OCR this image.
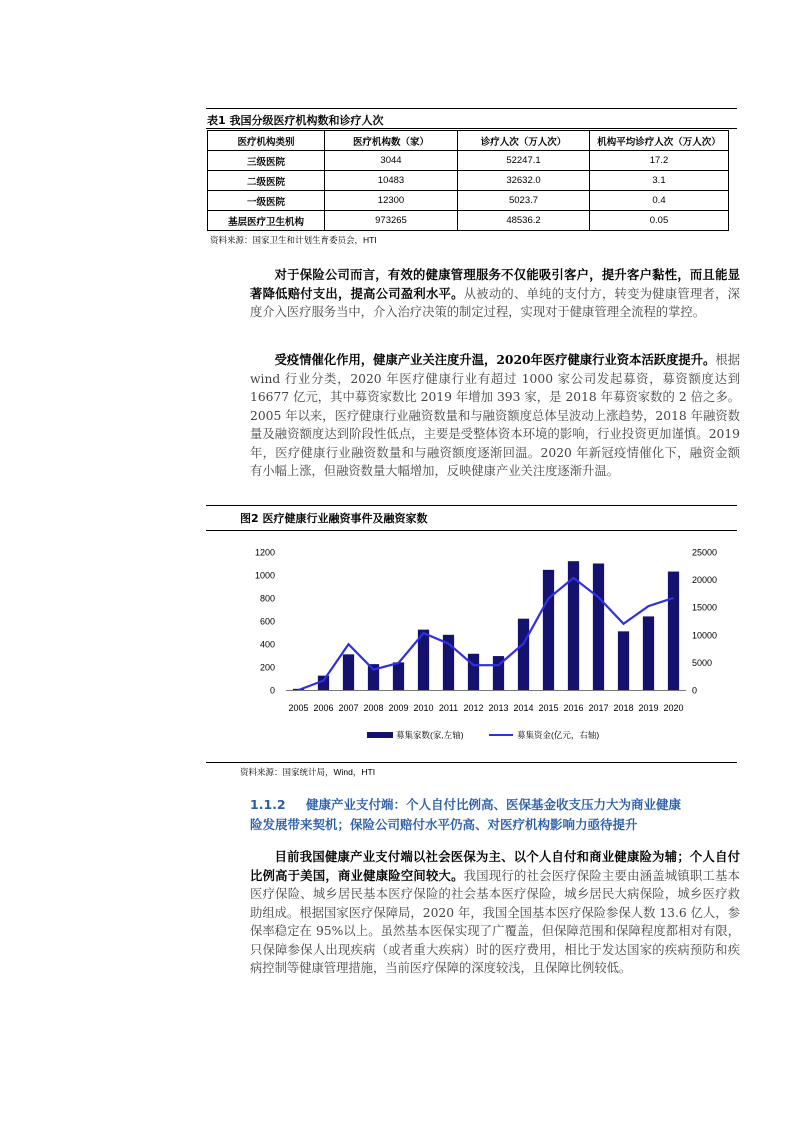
表1 我国分级医疗机构数和诊疗人次
医疗机构类别	医疗机构数（家）	诊疗人次（万人次）	机构平均诊疗人次（万人次）
三级医院	3044	52247.1	17.2
二级医院	10483	32632.0	3.1
一级医院	12300	5023.7	0.4
基层医疗卫生机构	973265	48536.2	0.05
资料来源：国家卫生和计划生育委员会，HTI

对于保险公司而言，有效的健康管理服务不仅能吸引客户，提升客户黏性，而且能显著降低赔付支出，提高公司盈利水平。从被动的、单纯的支付方，转变为健康管理者，深度介入医疗服务当中，介入治疗决策的制定过程，实现对于健康管理全流程的掌控。

受疫情催化作用，健康产业关注度升温，2020年医疗健康行业资本活跃度提升。根据 wind 行业分类，2020 年医疗健康行业有超过 1000 家公司发起募资，募资额度达到 16677 亿元，其中募资家数比 2019 年增加 393 家，是 2018 年募资家数的 2 倍之多。2005 年以来，医疗健康行业融资数量和与融资额度总体呈波动上涨趋势，2018 年融资数量及融资额度达到阶段性低点，主要是受整体资本环境的影响，行业投资更加谨慎。2019 年，医疗健康行业融资数量和与融资额度逐渐回温。2020 年新冠疫情催化下，融资金额有小幅上涨，但融资数量大幅增加，反映健康产业关注度逐渐升温。

图2 医疗健康行业融资事件及融资家数
0
200
400
600
800
1000
1200
0
5000
10000
15000
20000
25000
2005 2006 2007 2008 2009 2010 2011 2012 2013 2014 2015 2016 2017 2018 2019 2020
募集家数(家,左轴)	募集资金(亿元，右轴)
资料来源：国家统计局，Wind，HTI
1.1.2 健康产业支付端：个人自付比例高、医保基金收支压力大为商业健康
险发展带来契机；保险公司赔付水平仍高、对医疗机构影响力亟待提升

目前我国健康产业支付端以社会医保为主、以个人自付和商业健康险为辅；个人自付比例高于美国，商业健康险空间较大。我国现行的社会医疗保险主要由涵盖城镇职工基本医疗保险、城乡居民基本医疗保险的社会基本医疗保险，城乡居民大病保险，城乡医疗救助组成。根据国家医疗保障局，2020 年，我国全国基本医疗保险参保人数 13.6 亿人，参保率稳定在 95%以上。虽然基本医保实现了广覆盖，但保障范围和保障程度都相对有限，只保障参保人出现疾病（或者重大疾病）时的医疗费用，相比于发达国家的疾病预防和疾病控制等健康管理措施，当前医疗保障的深度较浅，且保障比例较低。
